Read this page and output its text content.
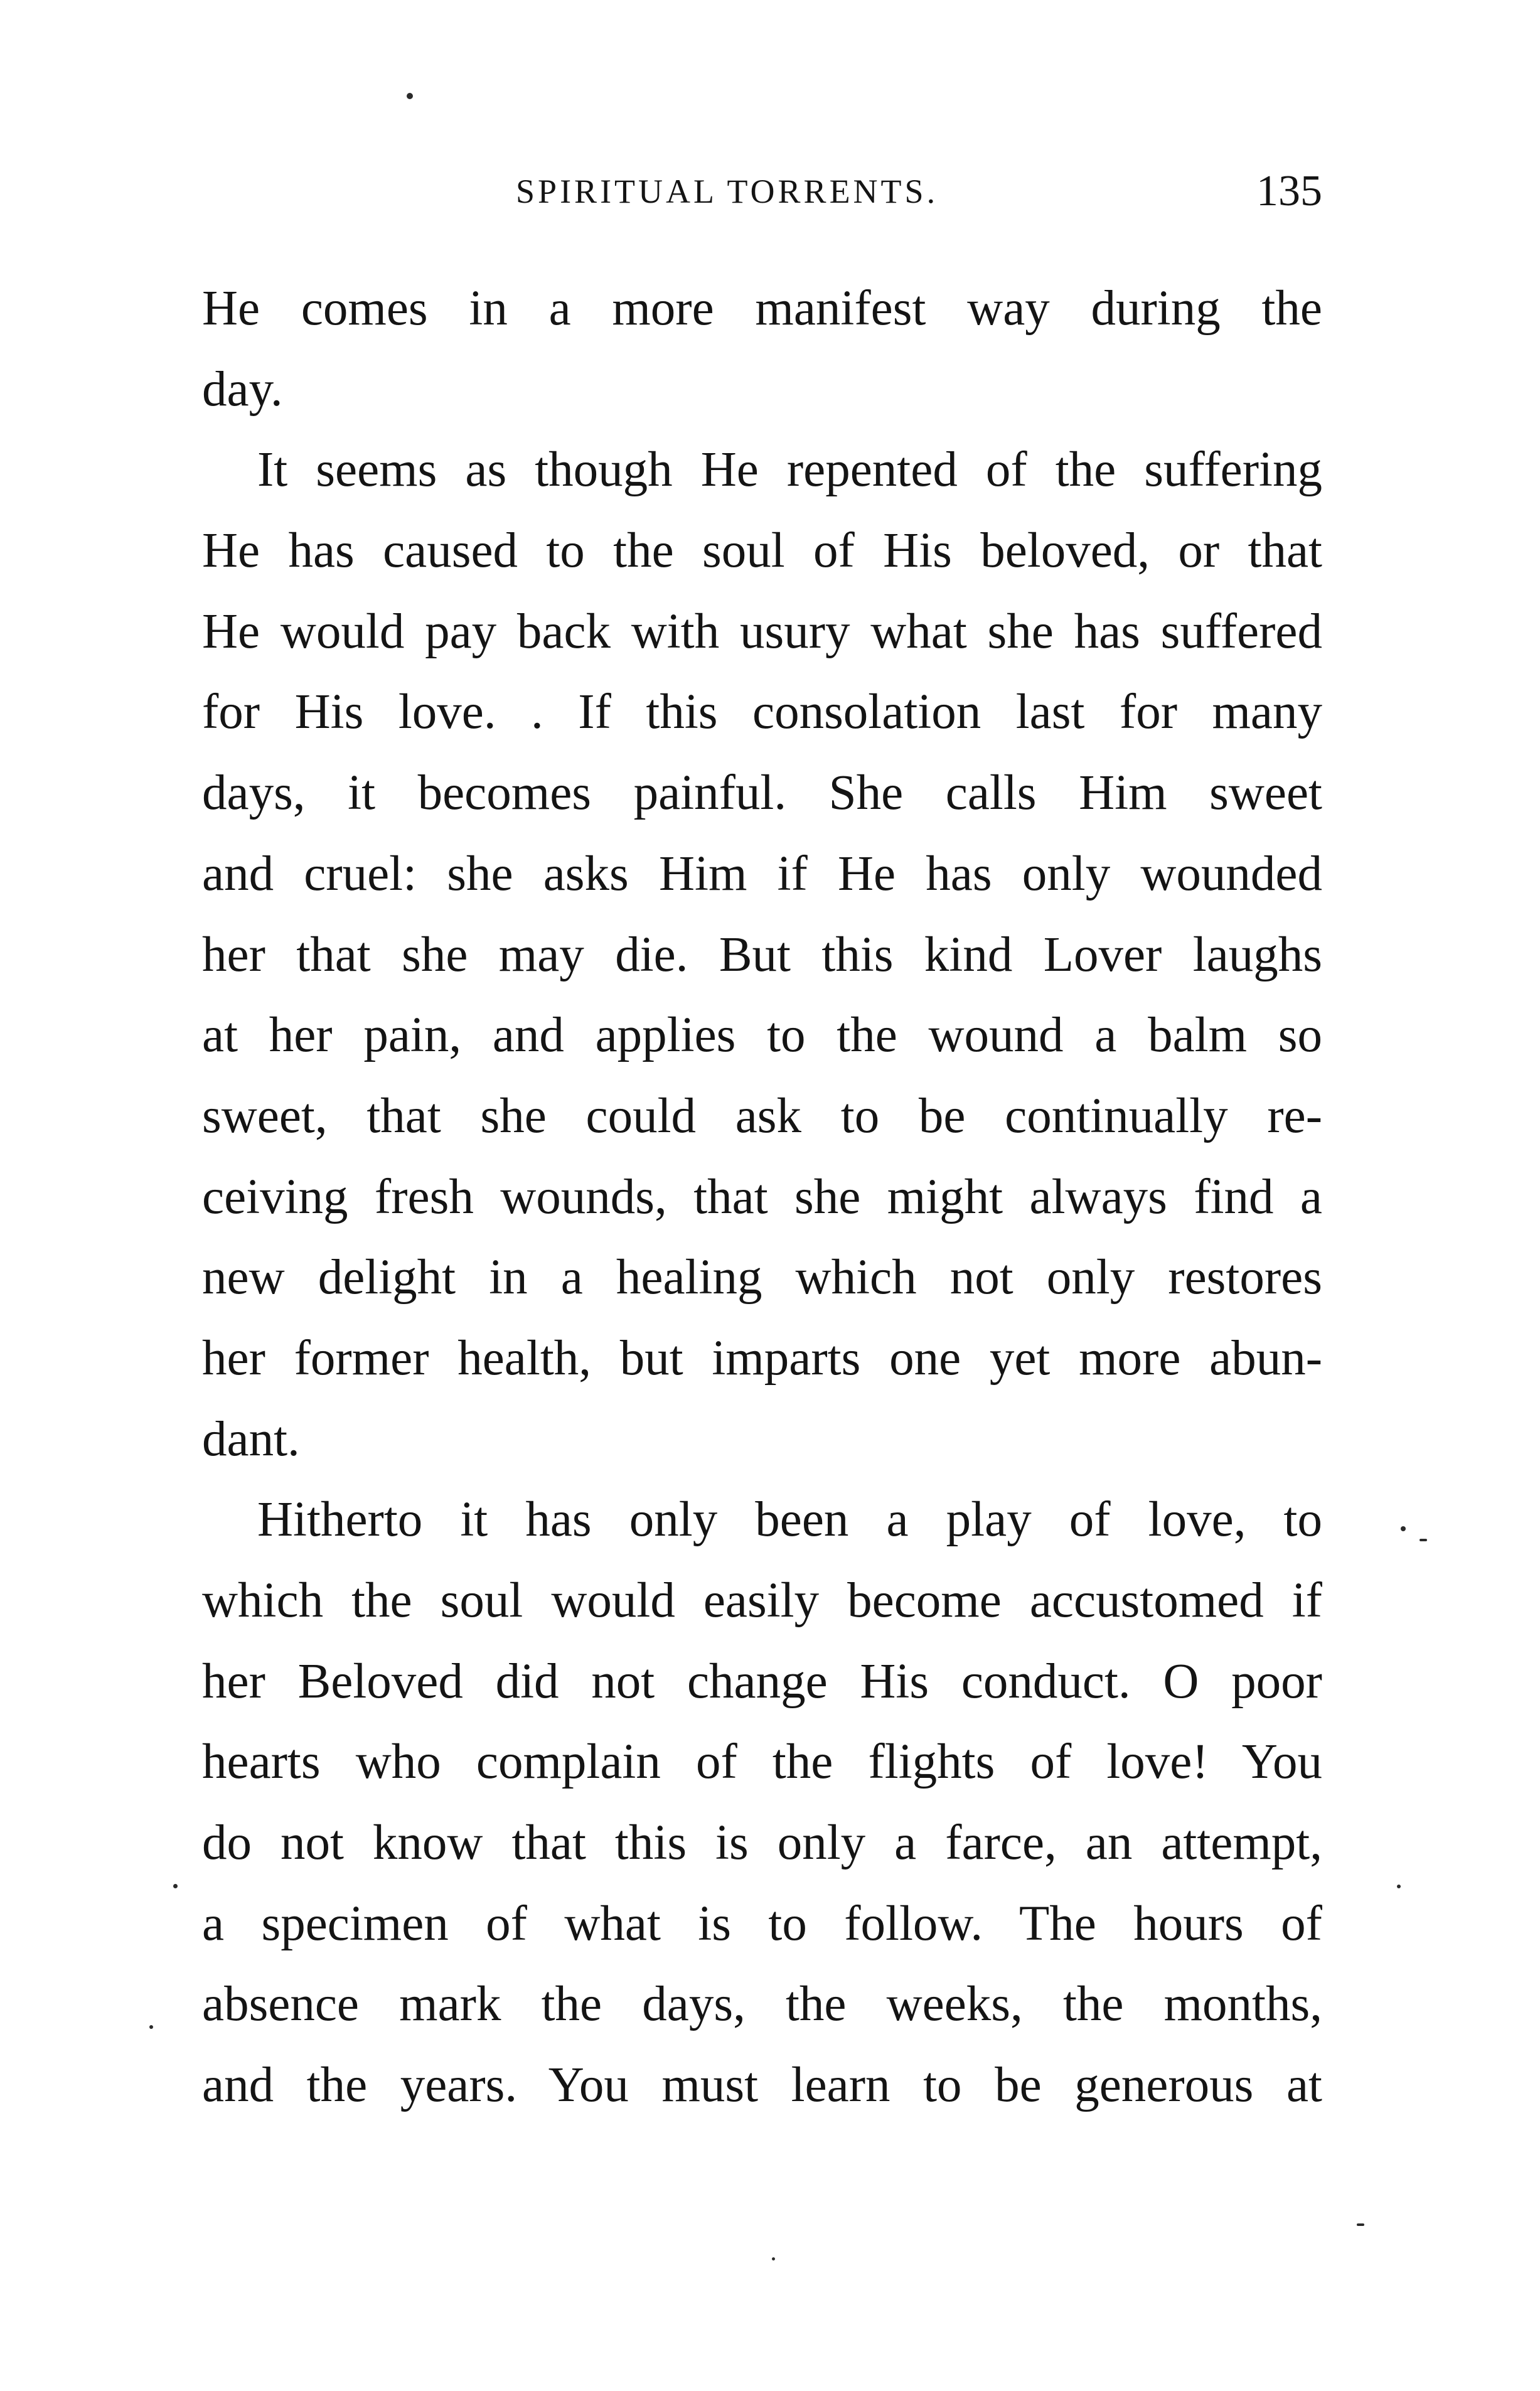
SPIRITUAL TORRENTS.	135
He comes in a more manifest way during the
day.
It seems as though He repented of the suffering
He has caused to the soul of His beloved, or that
He would pay back with usury what she has suffered
for His love. . If this consolation last for many
days, it becomes painful. She calls Him sweet
and cruel: she asks Him if He has only wounded
her that she may die. But this kind Lover laughs
at her pain, and applies to the wound a balm so
sweet, that she could ask to be continually re-
ceiving fresh wounds, that she might always find a
new delight in a healing which not only restores
her former health, but imparts one yet more abun-
dant.
Hitherto it has only been a play of love, to
which the soul would easily become accustomed if
her Beloved did not change His conduct. O poor
hearts who complain of the flights of love! You
do not know that this is only a farce, an attempt,
a specimen of what is to follow. The hours of
absence mark the days, the weeks, the months,
and the years. You must learn to be generous at
